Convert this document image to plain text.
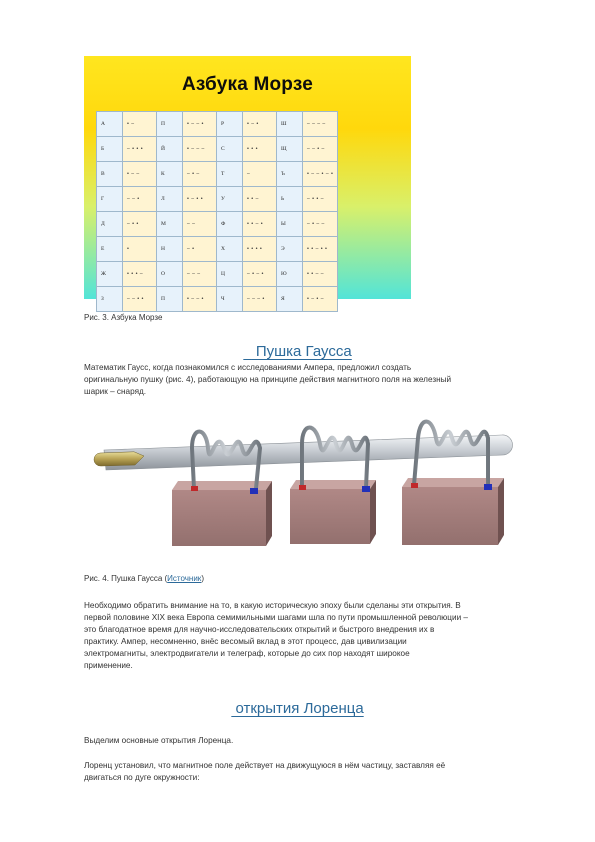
Азбука Морзе
А	• –	П	• – – •	Р	• – •	Ш	– – – –
Б	– • • •	Й	• – – –	С	• • •	Щ	– – • –
В	• – –	К	– • –	Т	–	Ъ	• – – • – •
Г	– – •	Л	• – • •	У	• • –	Ь	– • • –
Д	– • •	М	– –	Ф	• • – •	Ы	– • – –
Е	•	Н	– •	Х	• • • •	Э	• • – • •
Ж	• • • –	О	– – –	Ц	– • – •	Ю	• • – –
З	– – • •	П	• – – •	Ч	– – – •	Я	• – • –
Рис. 3. Азбука Морзе

Пушка Гаусса

Математик Гаусс, когда познакомился с исследованиями Ампера, предложил создать
оригинальную пушку (рис. 4), работающую на принципе действия магнитного поля на железный
шарик – снаряд.
Рис. 4. Пушка Гаусса (Источник)
Необходимо обратить внимание на то, в какую историческую эпоху были сделаны эти открытия. В
первой половине XIX века Европа семимильными шагами шла по пути промышленной революции –
это благодатное время для научно-исследовательских открытий и быстрого внедрения их в
практику. Ампер, несомненно, внёс весомый вклад в этот процесс, дав цивилизации
электромагниты, электродвигатели и телеграф, которые до сих пор находят широкое
применение.
открытия Лоренца
Выделим основные открытия Лоренца.
Лоренц установил, что магнитное поле действует на движущуюся в нём частицу, заставляя её
двигаться по дуге окружности:
